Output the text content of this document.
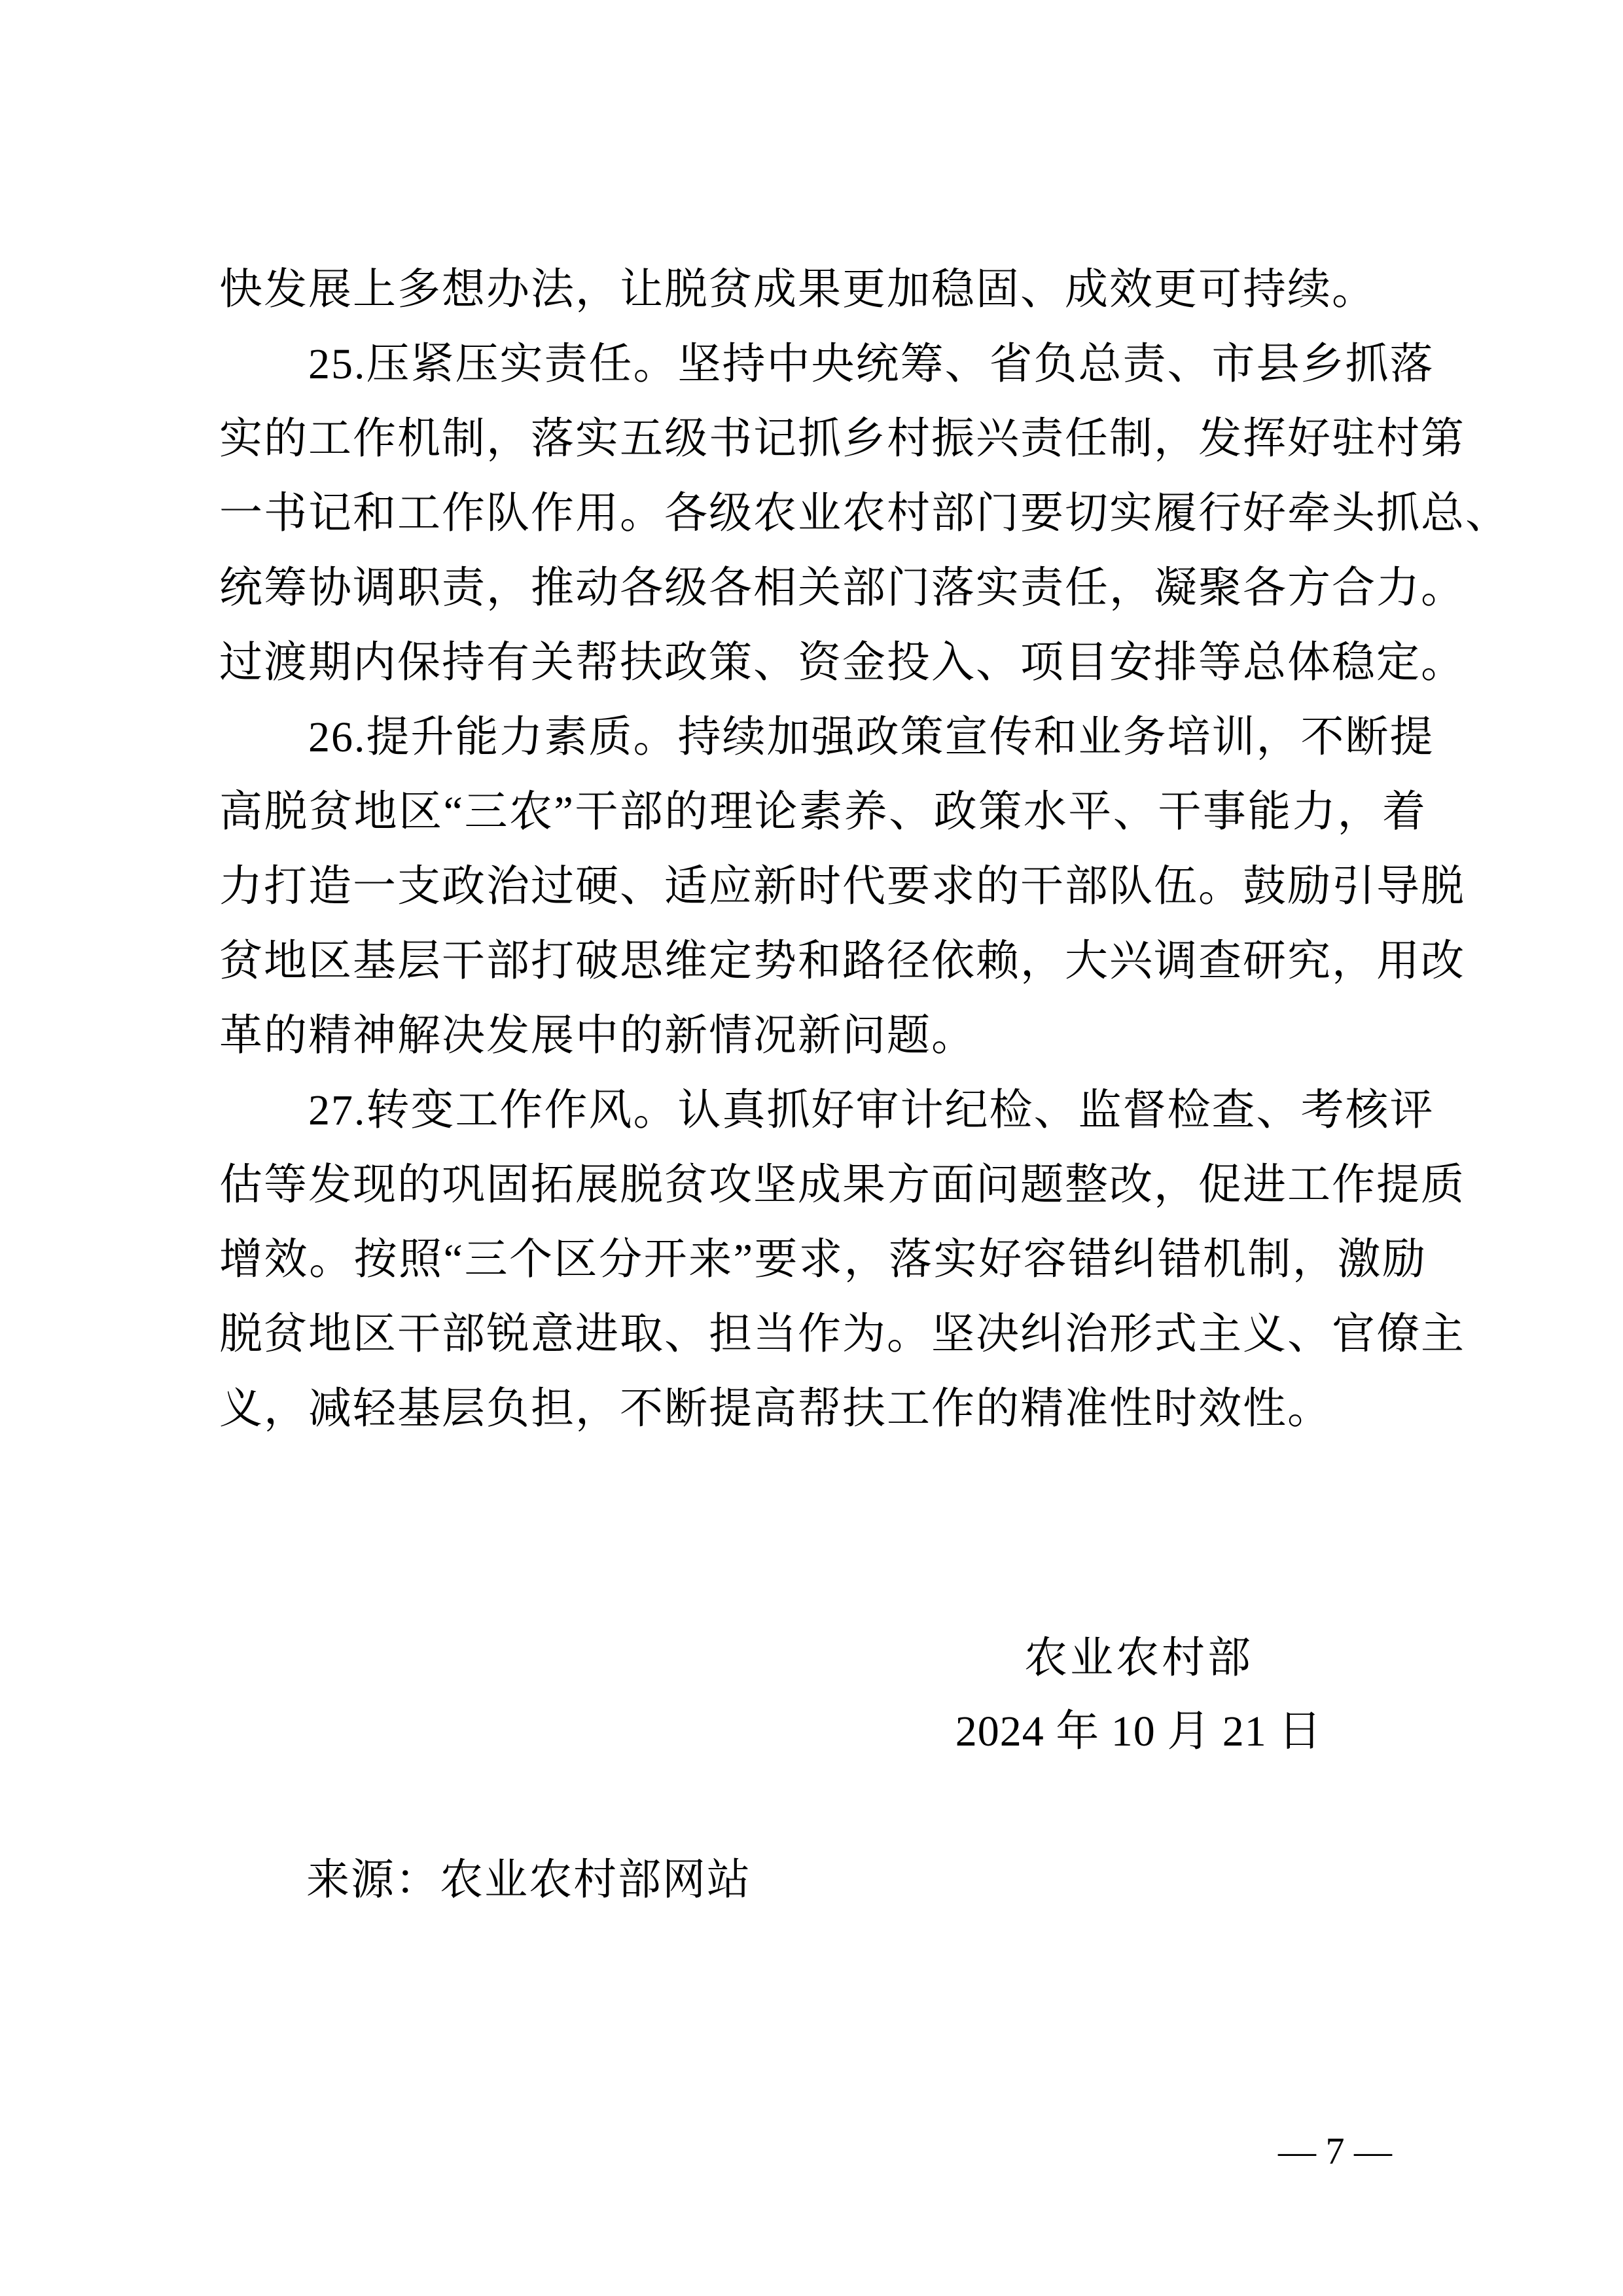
快发展上多想办法，让脱贫成果更加稳固、成效更可持续。
25.压紧压实责任。坚持中央统筹、省负总责、市县乡抓落
实的工作机制，落实五级书记抓乡村振兴责任制，发挥好驻村第
一书记和工作队作用。各级农业农村部门要切实履行好牵头抓总、
统筹协调职责，推动各级各相关部门落实责任，凝聚各方合力。
过渡期内保持有关帮扶政策、资金投入、项目安排等总体稳定。
26.提升能力素质。持续加强政策宣传和业务培训，不断提
高脱贫地区“三农”干部的理论素养、政策水平、干事能力，着
力打造一支政治过硬、适应新时代要求的干部队伍。鼓励引导脱
贫地区基层干部打破思维定势和路径依赖，大兴调查研究，用改
革的精神解决发展中的新情况新问题。
27.转变工作作风。认真抓好审计纪检、监督检查、考核评
估等发现的巩固拓展脱贫攻坚成果方面问题整改，促进工作提质
增效。按照“三个区分开来”要求，落实好容错纠错机制，激励
脱贫地区干部锐意进取、担当作为。坚决纠治形式主义、官僚主
义，减轻基层负担，不断提高帮扶工作的精准性时效性。
农业农村部
2024 年 10 月 21 日
来源：农业农村部网站
— 7 —
